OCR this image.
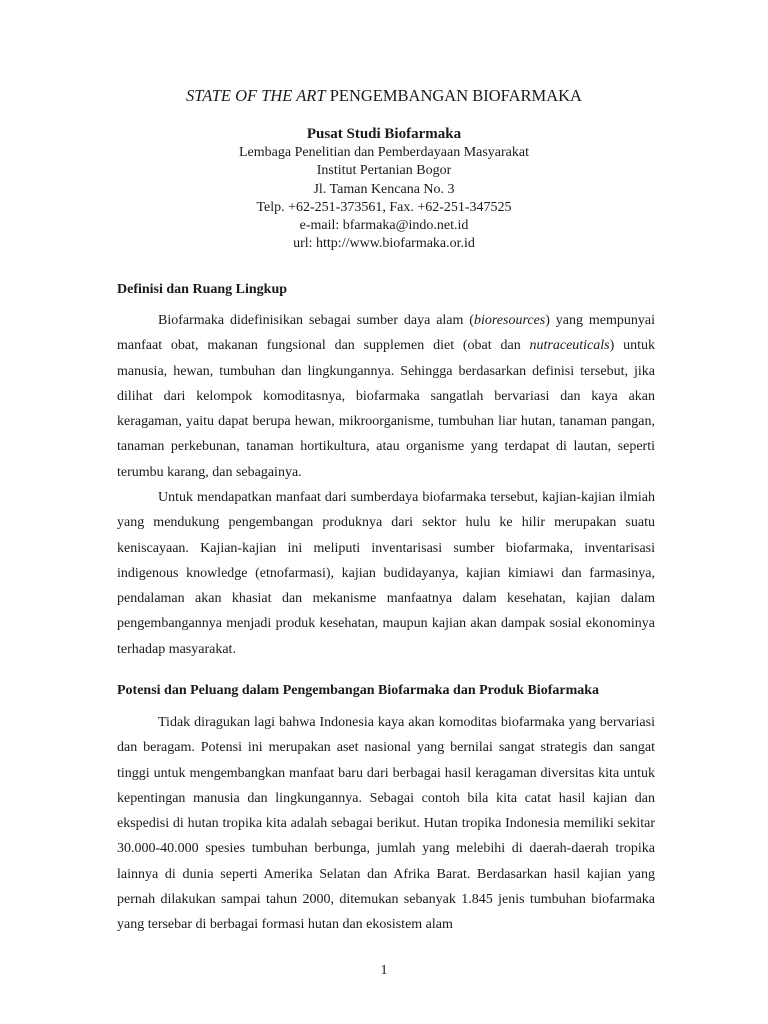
STATE OF THE ART PENGEMBANGAN BIOFARMAKA
Pusat Studi Biofarmaka
Lembaga Penelitian dan Pemberdayaan Masyarakat
Institut Pertanian Bogor
Jl. Taman Kencana No. 3
Telp. +62-251-373561, Fax. +62-251-347525
e-mail: bfarmaka@indo.net.id
url: http://www.biofarmaka.or.id
Definisi dan Ruang Lingkup

Biofarmaka didefinisikan sebagai sumber daya alam (bioresources) yang mempunyai manfaat obat, makanan fungsional dan supplemen diet (obat dan nutraceuticals) untuk manusia, hewan, tumbuhan dan lingkungannya. Sehingga berdasarkan definisi tersebut, jika dilihat dari kelompok komoditasnya, biofarmaka sangatlah bervariasi dan kaya akan keragaman, yaitu dapat berupa hewan, mikroorganisme, tumbuhan liar hutan, tanaman pangan, tanaman perkebunan, tanaman hortikultura, atau organisme yang terdapat di lautan, seperti terumbu karang, dan sebagainya.

Untuk mendapatkan manfaat dari sumberdaya biofarmaka tersebut, kajian-kajian ilmiah yang mendukung pengembangan produknya dari sektor hulu ke hilir merupakan suatu keniscayaan. Kajian-kajian ini meliputi inventarisasi sumber biofarmaka, inventarisasi indigenous knowledge (etnofarmasi), kajian budidayanya, kajian kimiawi dan farmasinya, pendalaman akan khasiat dan mekanisme manfaatnya dalam kesehatan, kajian dalam pengembangannya menjadi produk kesehatan, maupun kajian akan dampak sosial ekonominya terhadap masyarakat.

Potensi dan Peluang dalam Pengembangan Biofarmaka dan Produk Biofarmaka

Tidak diragukan lagi bahwa Indonesia kaya akan komoditas biofarmaka yang bervariasi dan beragam. Potensi ini merupakan aset nasional yang bernilai sangat strategis dan sangat tinggi untuk mengembangkan manfaat baru dari berbagai hasil keragaman diversitas kita untuk kepentingan manusia dan lingkungannya. Sebagai contoh bila kita catat hasil kajian dan ekspedisi di hutan tropika kita adalah sebagai berikut. Hutan tropika Indonesia memiliki sekitar 30.000-40.000 spesies tumbuhan berbunga, jumlah yang melebihi di daerah-daerah tropika lainnya di dunia seperti Amerika Selatan dan Afrika Barat. Berdasarkan hasil kajian yang pernah dilakukan sampai tahun 2000, ditemukan sebanyak 1.845 jenis tumbuhan biofarmaka yang tersebar di berbagai formasi hutan dan ekosistem alam

1
